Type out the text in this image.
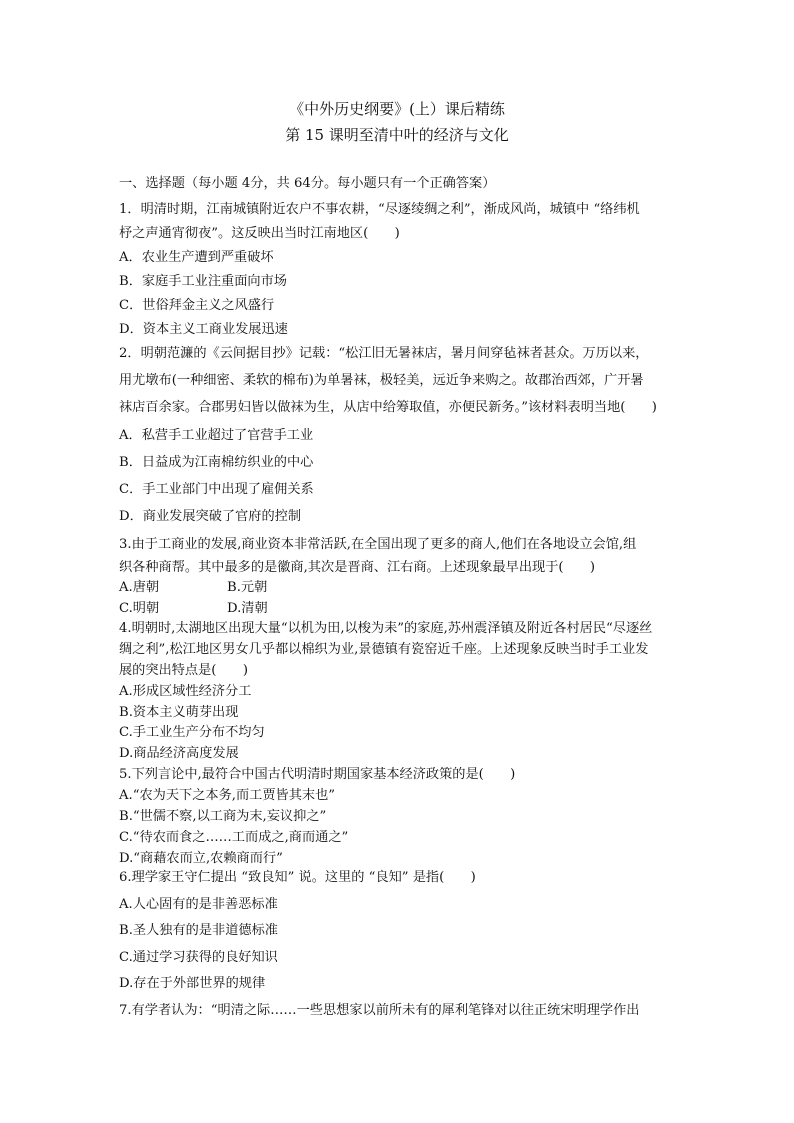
《中外历史纲要》(上）课后精练
第 15 课明至清中叶的经济与文化
一、选择题（每小题 4分，共 64分。每小题只有一个正确答案）
1．明清时期，江南城镇附近农户不事农耕，“尽逐绫绸之利”，渐成风尚，城镇中 “络纬机
杼之声通宵彻夜”。这反映出当时江南地区(　　)
A．农业生产遭到严重破坏
B．家庭手工业注重面向市场
C．世俗拜金主义之风盛行
D．资本主义工商业发展迅速
2．明朝范濂的《云间据目抄》记载：“松江旧无暑袜店，暑月间穿毡袜者甚众。万历以来，
用尤墩布(一种细密、柔软的棉布)为单暑袜，极轻美，远近争来购之。故郡治西郊，广开暑
袜店百余家。合郡男妇皆以做袜为生，从店中给筹取值，亦便民新务。”该材料表明当地(　　)
A．私营手工业超过了官营手工业
B．日益成为江南棉纺织业的中心
C．手工业部门中出现了雇佣关系
D．商业发展突破了官府的控制
3.由于工商业的发展,商业资本非常活跃,在全国出现了更多的商人,他们在各地设立会馆,组
织各种商帮。其中最多的是徽商,其次是晋商、江右商。上述现象最早出现于(　　)
A.唐朝	B.元朝
C.明朝	D.清朝
4.明朝时,太湖地区出现大量“以机为田,以梭为耒”的家庭,苏州震泽镇及附近各村居民“尽逐丝
绸之利”,松江地区男女几乎都以棉织为业,景德镇有瓷窑近千座。上述现象反映当时手工业发
展的突出特点是(　　)
A.形成区域性经济分工
B.资本主义萌芽出现
C.手工业生产分布不均匀
D.商品经济高度发展
5.下列言论中,最符合中国古代明清时期国家基本经济政策的是(　　)
A.“农为天下之本务,而工贾皆其末也”
B.“世儒不察,以工商为末,妄议抑之”
C.“待农而食之……工而成之,商而通之”
D.“商藉农而立,农赖商而行”
6.理学家王守仁提出 “致良知” 说。这里的 “良知” 是指(　　)
A.人心固有的是非善恶标准
B.圣人独有的是非道德标准
C.通过学习获得的良好知识
D.存在于外部世界的规律
7.有学者认为：“明清之际……一些思想家以前所未有的犀利笔锋对以往正统宋明理学作出
